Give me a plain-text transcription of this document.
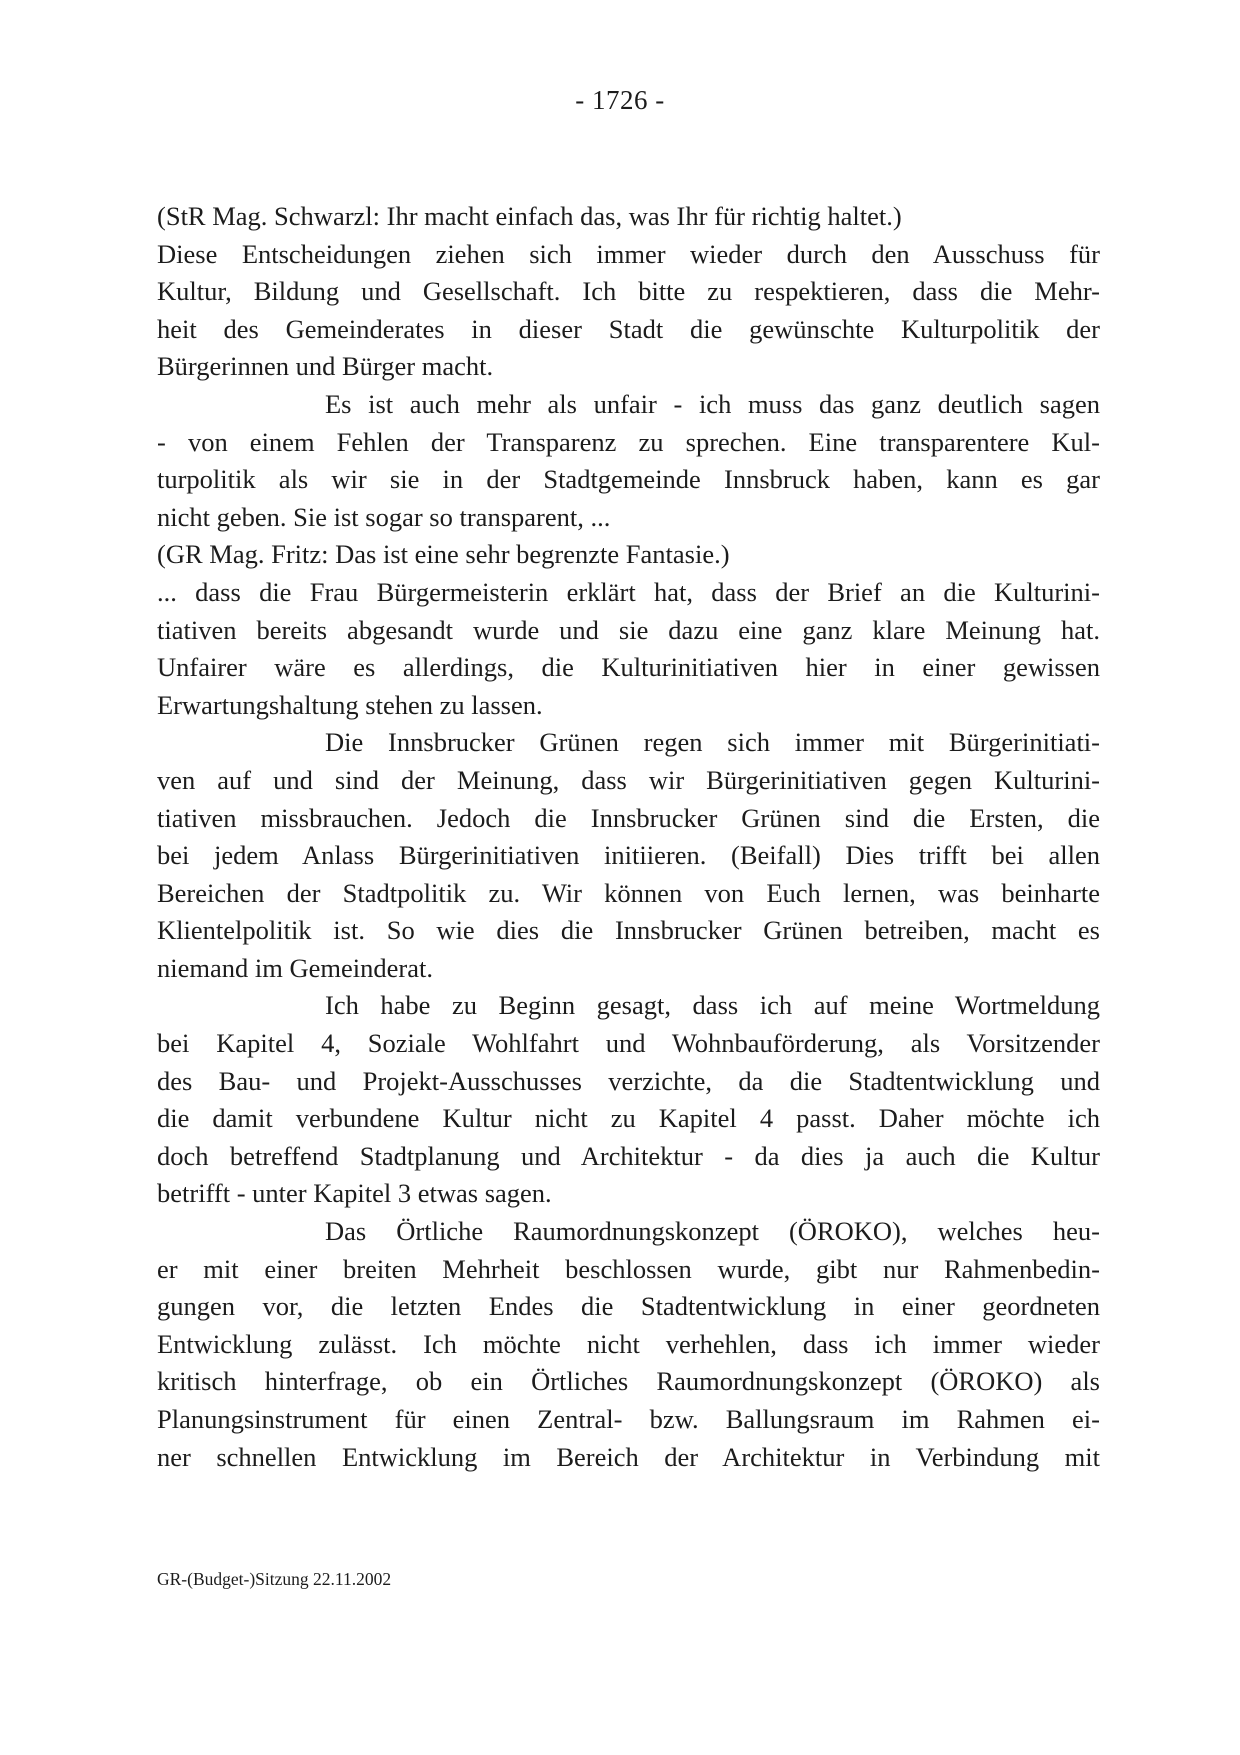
- 1726 -
(StR Mag. Schwarzl: Ihr macht einfach das, was Ihr für richtig haltet.)
Diese Entscheidungen ziehen sich immer wieder durch den Ausschuss für
Kultur, Bildung und Gesellschaft. Ich bitte zu respektieren, dass die Mehr-
heit des Gemeinderates in dieser Stadt die gewünschte Kulturpolitik der
Bürgerinnen und Bürger macht.
Es ist auch mehr als unfair - ich muss das ganz deutlich sagen
- von einem Fehlen der Transparenz zu sprechen. Eine transparentere Kul-
turpolitik als wir sie in der Stadtgemeinde Innsbruck haben, kann es gar
nicht geben. Sie ist sogar so transparent, ...
(GR Mag. Fritz: Das ist eine sehr begrenzte Fantasie.)
... dass die Frau Bürgermeisterin erklärt hat, dass der Brief an die Kulturini-
tiativen bereits abgesandt wurde und sie dazu eine ganz klare Meinung hat.
Unfairer wäre es allerdings, die Kulturinitiativen hier in einer gewissen
Erwartungshaltung stehen zu lassen.
Die Innsbrucker Grünen regen sich immer mit Bürgerinitiati-
ven auf und sind der Meinung, dass wir Bürgerinitiativen gegen Kulturini-
tiativen missbrauchen. Jedoch die Innsbrucker Grünen sind die Ersten, die
bei jedem Anlass Bürgerinitiativen initiieren. (Beifall) Dies trifft bei allen
Bereichen der Stadtpolitik zu. Wir können von Euch lernen, was beinharte
Klientelpolitik ist. So wie dies die Innsbrucker Grünen betreiben, macht es
niemand im Gemeinderat.
Ich habe zu Beginn gesagt, dass ich auf meine Wortmeldung
bei Kapitel 4, Soziale Wohlfahrt und Wohnbauförderung, als Vorsitzender
des Bau- und Projekt-Ausschusses verzichte, da die Stadtentwicklung und
die damit verbundene Kultur nicht zu Kapitel 4 passt. Daher möchte ich
doch betreffend Stadtplanung und Architektur - da dies ja auch die Kultur
betrifft - unter Kapitel 3 etwas sagen.
Das Örtliche Raumordnungskonzept (ÖROKO), welches heu-
er mit einer breiten Mehrheit beschlossen wurde, gibt nur Rahmenbedin-
gungen vor, die letzten Endes die Stadtentwicklung in einer geordneten
Entwicklung zulässt. Ich möchte nicht verhehlen, dass ich immer wieder
kritisch hinterfrage, ob ein Örtliches Raumordnungskonzept (ÖROKO) als
Planungsinstrument für einen Zentral- bzw. Ballungsraum im Rahmen ei-
ner schnellen Entwicklung im Bereich der Architektur in Verbindung mit
GR-(Budget-)Sitzung 22.11.2002
